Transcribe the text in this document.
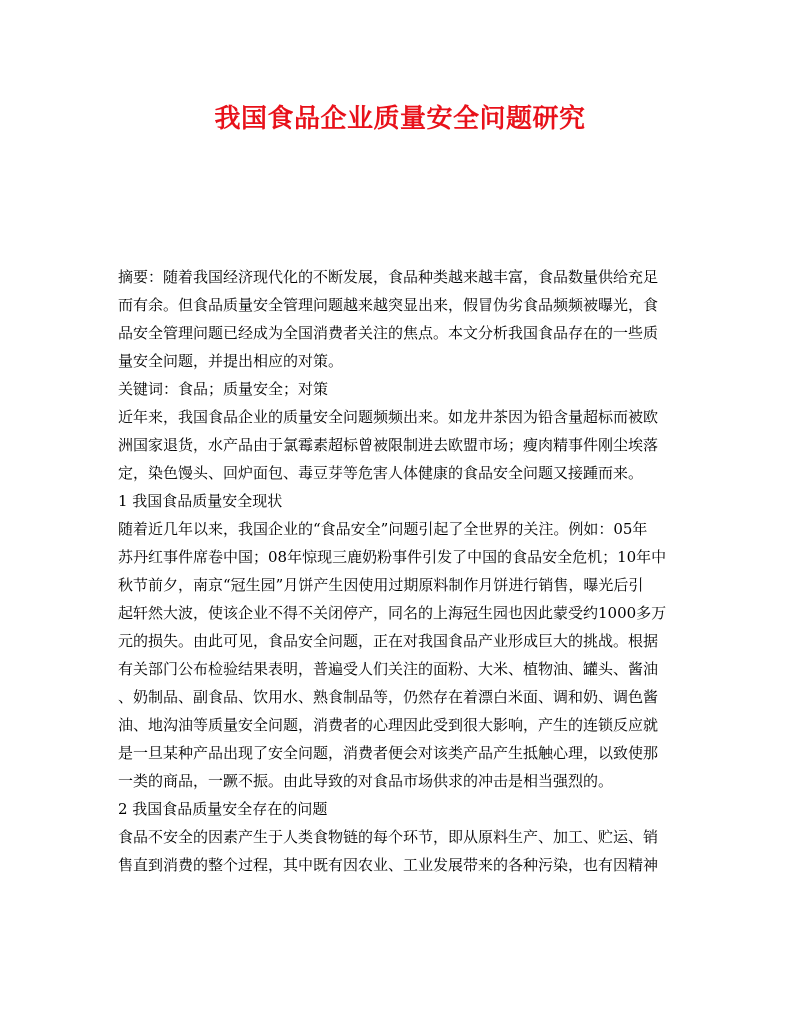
我国食品企业质量安全问题研究
摘要：随着我国经济现代化的不断发展，食品种类越来越丰富，食品数量供给充足
而有余。但食品质量安全管理问题越来越突显出来，假冒伪劣食品频频被曝光，食
品安全管理问题已经成为全国消费者关注的焦点。本文分析我国食品存在的一些质
量安全问题，并提出相应的对策。
关键词：食品；质量安全；对策
近年来，我国食品企业的质量安全问题频频出来。如龙井茶因为铅含量超标而被欧
洲国家退货，水产品由于氯霉素超标曾被限制进去欧盟市场；瘦肉精事件刚尘埃落
定，染色馒头、回炉面包、毒豆芽等危害人体健康的食品安全问题又接踵而来。
1 我国食品质量安全现状
随着近几年以来，我国企业的“食品安全”问题引起了全世界的关注。例如：05年
苏丹红事件席卷中国；08年惊现三鹿奶粉事件引发了中国的食品安全危机；10年中
秋节前夕，南京“冠生园”月饼产生因使用过期原料制作月饼进行销售，曝光后引
起轩然大波，使该企业不得不关闭停产，同名的上海冠生园也因此蒙受约1000多万
元的损失。由此可见，食品安全问题，正在对我国食品产业形成巨大的挑战。根据
有关部门公布检验结果表明，普遍受人们关注的面粉、大米、植物油、罐头、酱油
、奶制品、副食品、饮用水、熟食制品等，仍然存在着漂白米面、调和奶、调色酱
油、地沟油等质量安全问题，消费者的心理因此受到很大影响，产生的连锁反应就
是一旦某种产品出现了安全问题，消费者便会对该类产品产生抵触心理，以致使那
一类的商品，一蹶不振。由此导致的对食品市场供求的冲击是相当强烈的。
2 我国食品质量安全存在的问题
食品不安全的因素产生于人类食物链的每个环节，即从原料生产、加工、贮运、销
售直到消费的整个过程，其中既有因农业、工业发展带来的各种污染，也有因精神
